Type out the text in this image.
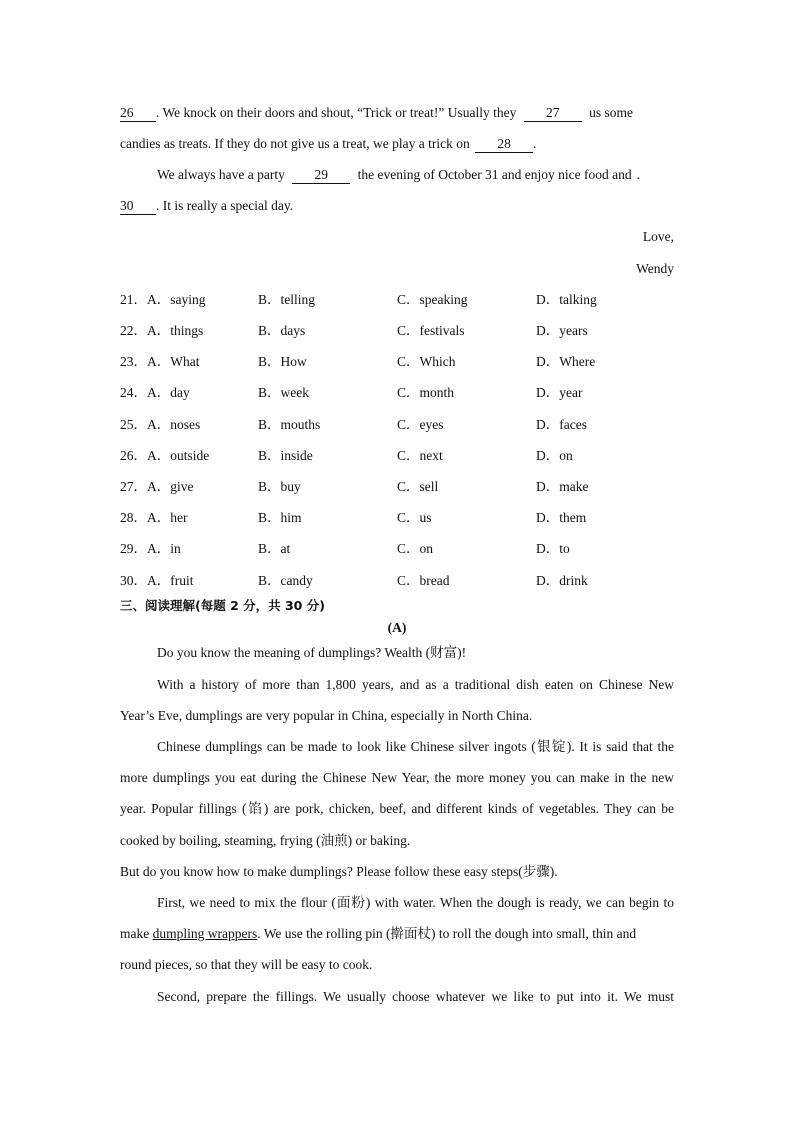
26 . We knock on their doors and shout, “Trick or treat!” Usually they 27 us some
candies as treats. If they do not give us a treat, we play a trick on 28 .
We always have a party 29 the evening of October 31 and enjoy nice food and .
30 . It is really a special day.
Love,
Wendy
21．A．saying	B．telling	C．speaking	D．talking
22．A．things	B．days	C．festivals	D．years
23．A．What	B．How	C．Which	D．Where
24．A．day	B．week	C．month	D．year
25．A．noses	B．mouths	C．eyes	D．faces
26．A．outside	B．inside	C．next	D．on
27．A．give	B．buy	C．sell	D．make
28．A．her	B．him	C．us	D．them
29．A．in	B．at	C．on	D．to
30．A．fruit	B．candy	C．bread	D．drink
三、阅读理解(每题 2 分，共 30 分)
(A)
Do you know the meaning of dumplings? Wealth (财富)!
With a history of more than 1,800 years, and as a traditional dish eaten on Chinese New
Year’s Eve, dumplings are very popular in China, especially in North China.
Chinese dumplings can be made to look like Chinese silver ingots (银锭). It is said that the
more dumplings you eat during the Chinese New Year, the more money you can make in the new
year. Popular fillings (馅) are pork, chicken, beef, and different kinds of vegetables. They can be
cooked by boiling, steaming, frying (油煎) or baking.
But do you know how to make dumplings? Please follow these easy steps(步骤).
First, we need to mix the flour (面粉) with water. When the dough is ready, we can begin to
make dumpling wrappers. We use the rolling pin (擀面杖) to roll the dough into small, thin and
round pieces, so that they will be easy to cook.
Second, prepare the fillings. We usually choose whatever we like to put into it. We must
